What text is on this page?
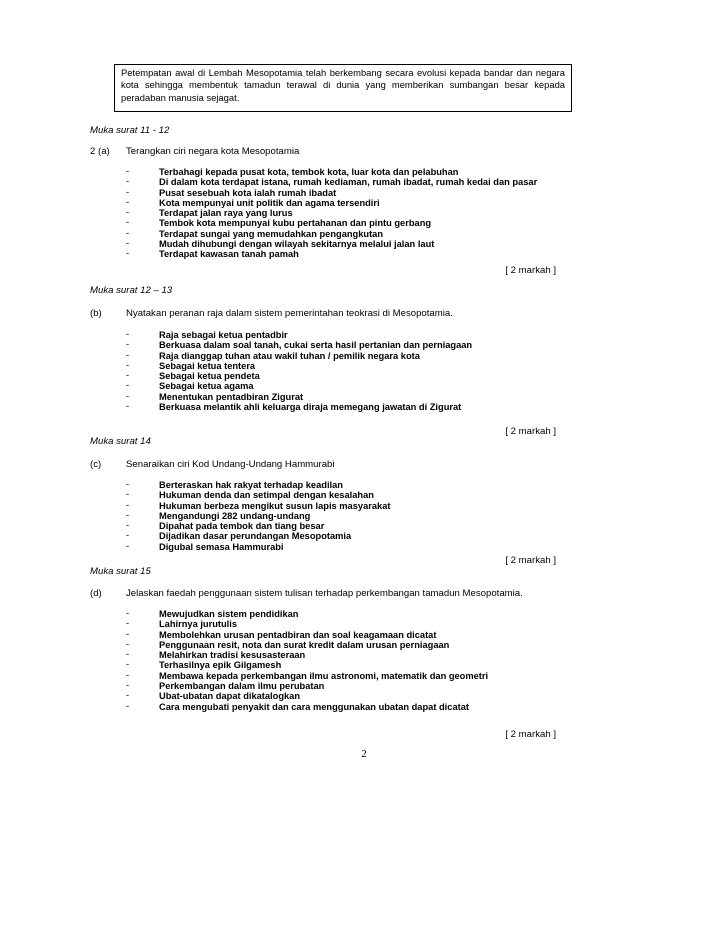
Petempatan awal di Lembah Mesopotamia telah berkembang secara evolusi kepada bandar dan negara
kota sehingga membentuk tamadun terawal di dunia yang memberikan sumbangan besar kepada
peradaban manusia sejagat.
Muka surat 11 - 12
2 (a) Terangkan ciri negara kota Mesopotamia
-	Terbahagi kepada pusat kota, tembok kota, luar kota dan pelabuhan
-	Di dalam kota terdapat istana, rumah kediaman, rumah ibadat, rumah kedai dan pasar
-	Pusat sesebuah kota ialah rumah ibadat
-	Kota mempunyai unit politik dan agama tersendiri
-	Terdapat jalan raya yang lurus
-	Tembok kota mempunyai kubu pertahanan dan pintu gerbang
-	Terdapat sungai yang memudahkan pengangkutan
-	Mudah dihubungi dengan wilayah sekitarnya melalui jalan laut
-	Terdapat kawasan tanah pamah
[ 2 markah ]
Muka surat 12 – 13
(b)	Nyatakan peranan raja dalam sistem pemerintahan teokrasi di Mesopotamia.
-	Raja sebagai ketua pentadbir
-	Berkuasa dalam soal tanah, cukai serta hasil pertanian dan perniagaan
-	Raja dianggap tuhan atau wakil tuhan / pemilik negara kota
-	Sebagai ketua tentera
-	Sebagai ketua pendeta
-	Sebagai ketua agama
-	Menentukan pentadbiran Zigurat
-	Berkuasa melantik ahli keluarga diraja memegang jawatan di Zigurat
[ 2 markah ]
Muka surat 14
(c)	Senaraikan ciri Kod Undang-Undang Hammurabi
-	Berteraskan hak rakyat terhadap keadilan
-	Hukuman denda dan setimpal dengan kesalahan
-	Hukuman berbeza mengikut susun lapis masyarakat
-	Mengandungi 282 undang-undang
-	Dipahat pada tembok dan tiang besar
-	Dijadikan dasar perundangan Mesopotamia
-	Digubal semasa Hammurabi
[ 2 markah ]
Muka surat 15
(d)	Jelaskan faedah penggunaan sistem tulisan terhadap perkembangan tamadun Mesopotamia.
-	Mewujudkan sistem pendidikan
-	Lahirnya jurutulis
-	Membolehkan urusan pentadbiran dan soal keagamaan dicatat
-	Penggunaan resit, nota dan surat kredit dalam urusan perniagaan
-	Melahirkan tradisi kesusasteraan
-	Terhasilnya epik Gilgamesh
-	Membawa kepada perkembangan ilmu astronomi, matematik dan geometri
-	Perkembangan dalam ilmu perubatan
-	Ubat-ubatan dapat dikatalogkan
-	Cara mengubati penyakit dan cara menggunakan ubatan dapat dicatat
[ 2 markah ]
2
